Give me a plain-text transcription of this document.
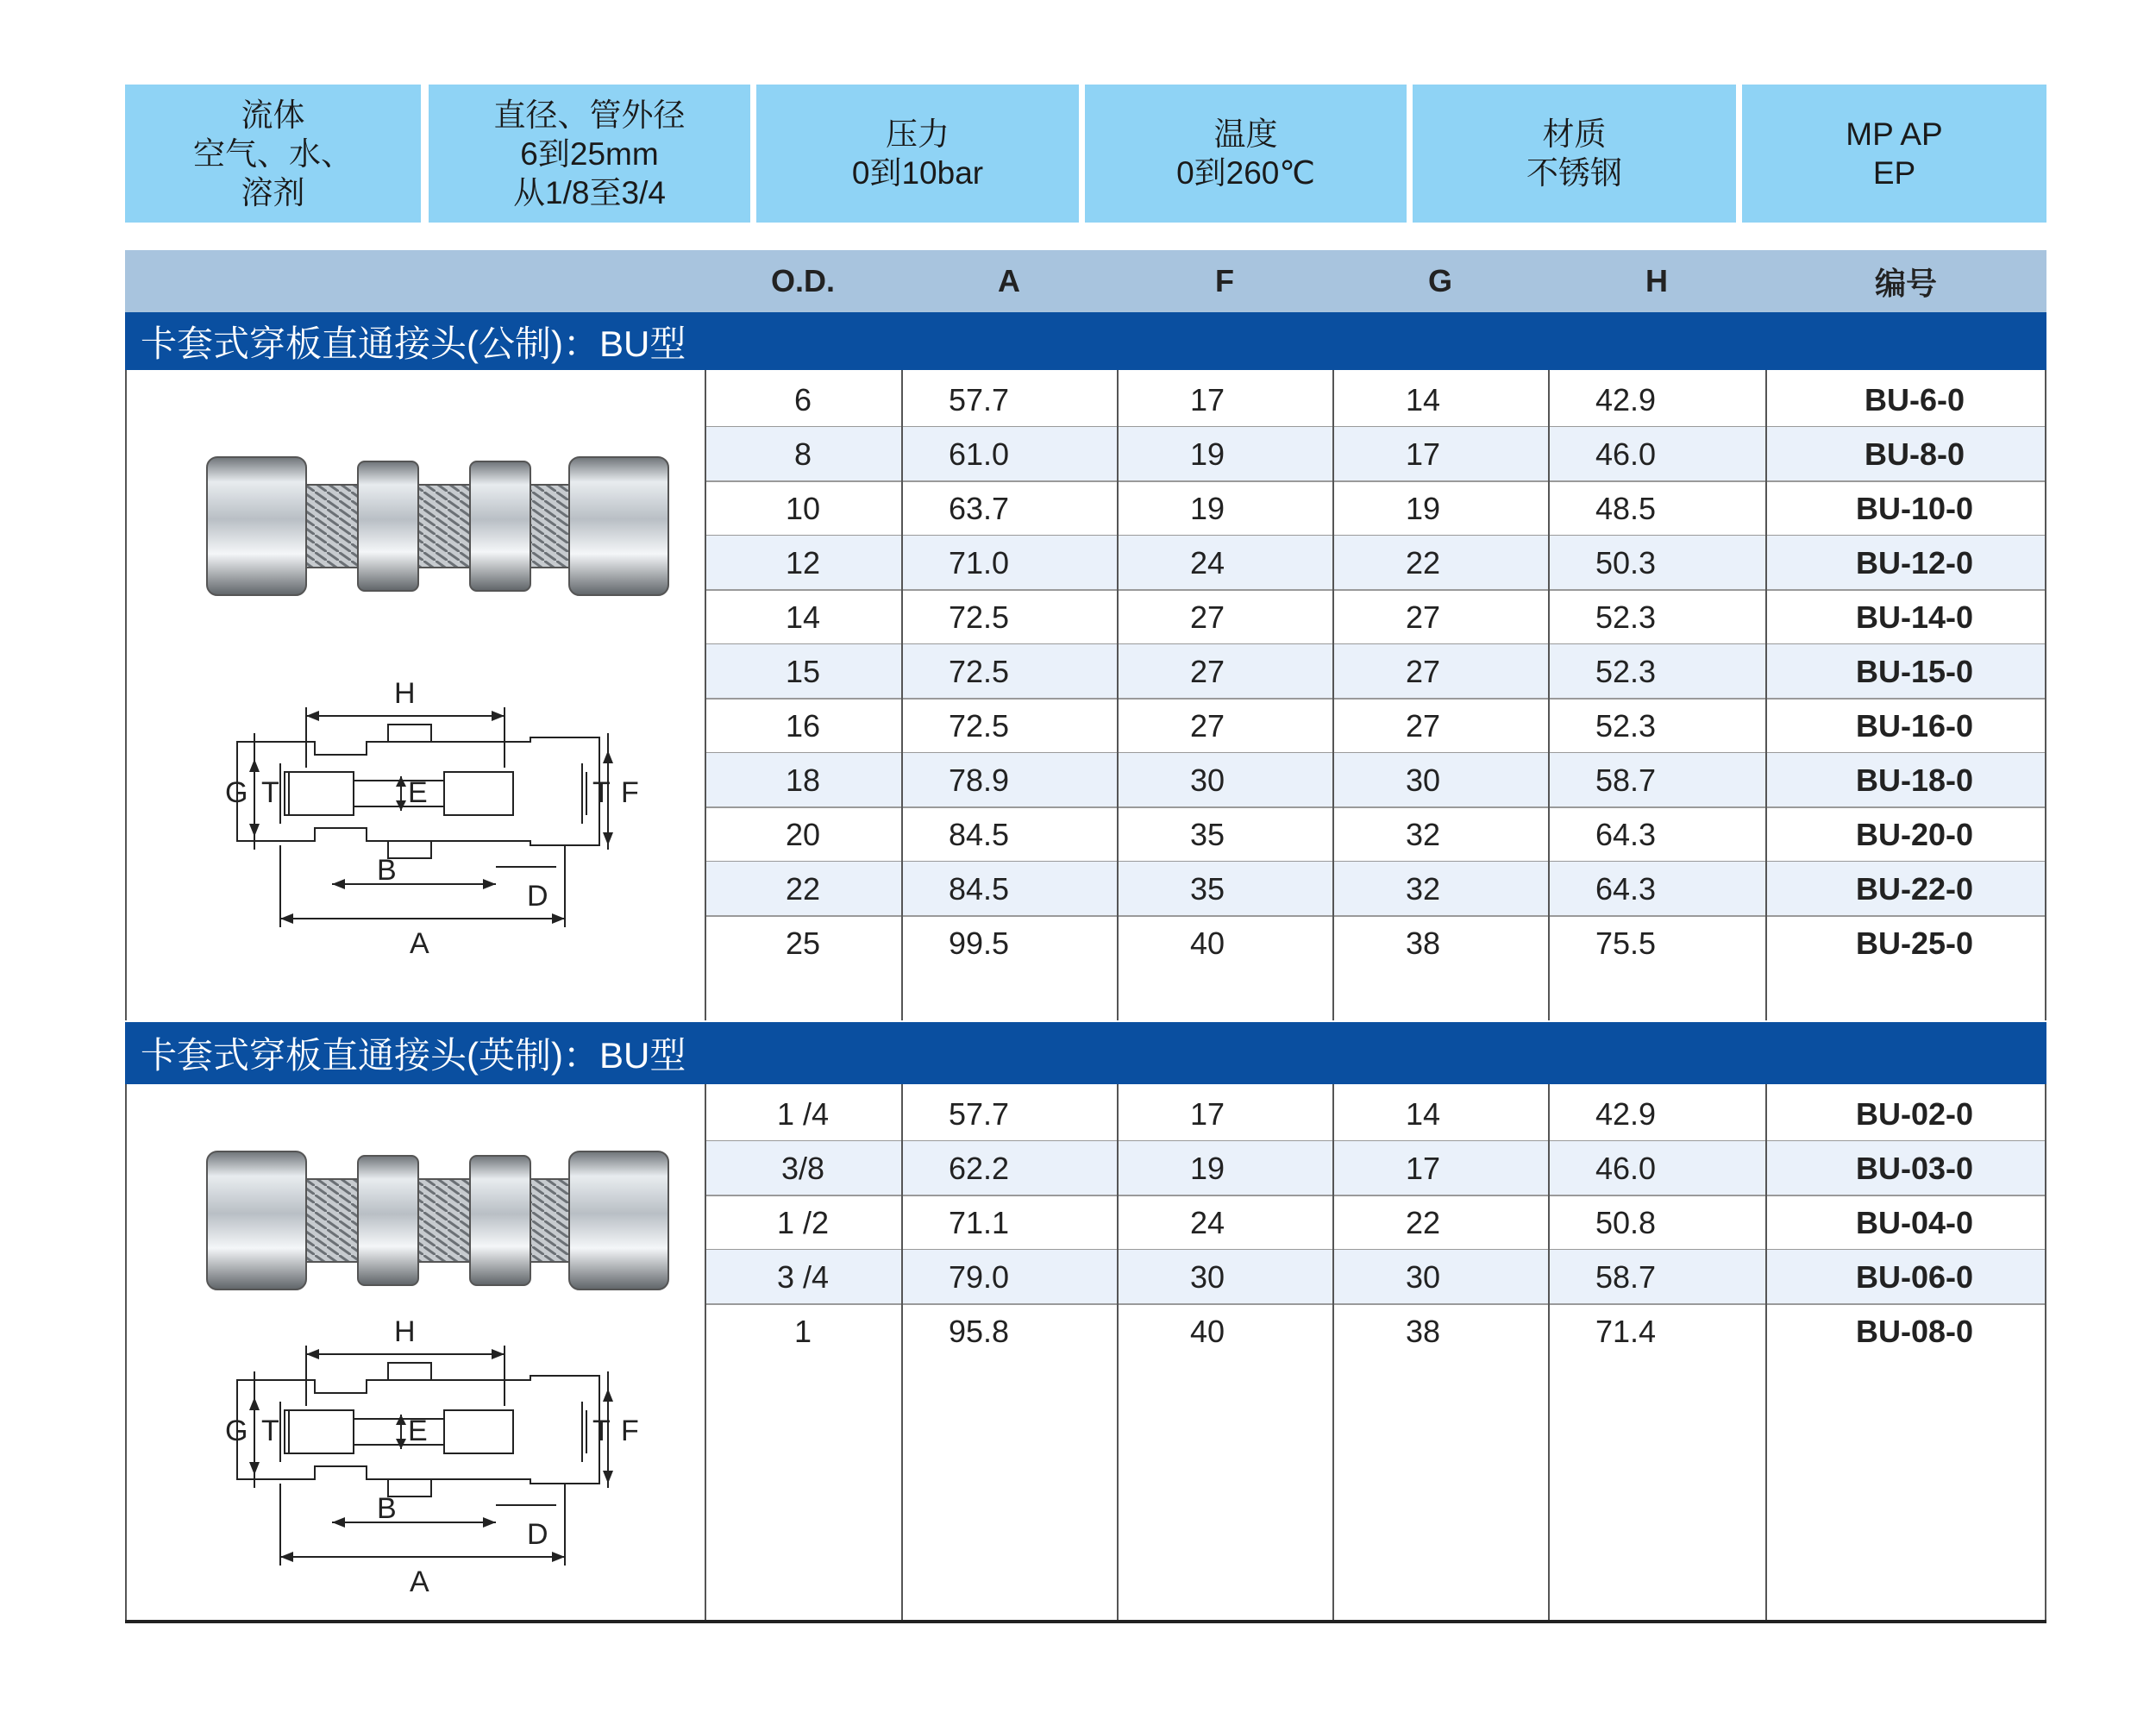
流体
空气、水、
溶剂
直径、管外径
6到25mm
从1/8至3/4
压力
0到10bar
温度
0到260℃
材质
不锈钢
MP AP
EP
O.D.	A	F	G	H	编号
卡套式穿板直通接头(公制)：BU型
6	57.7	17	14	42.9	BU-6-0
8	61.0	19	17	46.0	BU-8-0
10	63.7	19	19	48.5	BU-10-0
12	71.0	24	22	50.3	BU-12-0
14	72.5	27	27	52.3	BU-14-0
15	72.5	27	27	52.3	BU-15-0
16	72.5	27	27	52.3	BU-16-0
18	78.9	30	30	58.7	BU-18-0
20	84.5	35	32	64.3	BU-20-0
22	84.5	35	32	64.3	BU-22-0
25	99.5	40	38	75.5	BU-25-0
H
G T	E	T F
B
D
A
卡套式穿板直通接头(英制)：BU型
1 /4	57.7	17	14	42.9	BU-02-0
3/8	62.2	19	17	46.0	BU-03-0
1 /2	71.1	24	22	50.8	BU-04-0
3 /4	79.0	30	30	58.7	BU-06-0
1	95.8	40	38	71.4	BU-08-0
H
G T	E	T F
B
D
A
